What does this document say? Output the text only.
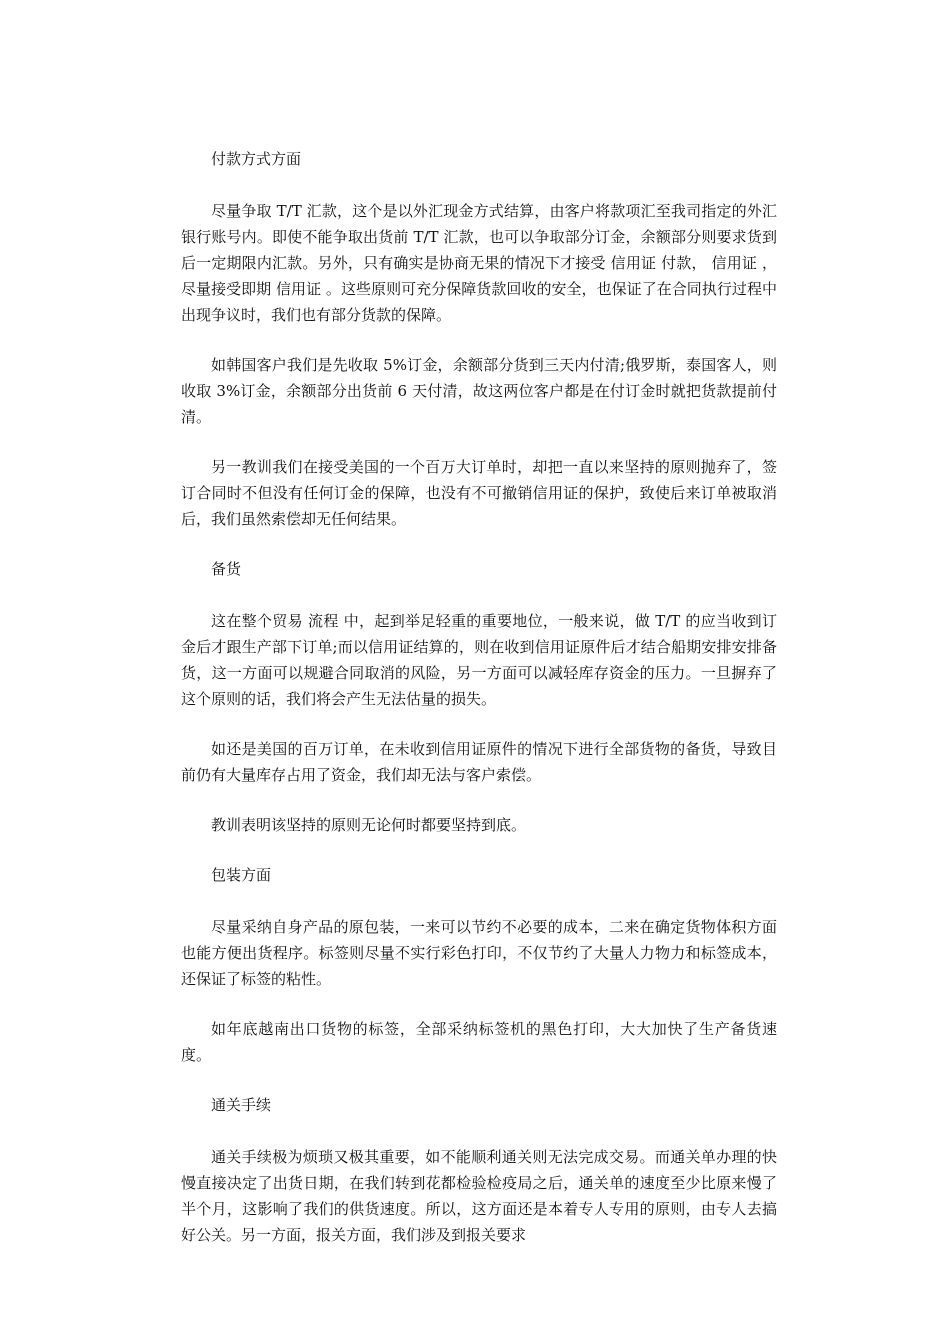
付款方式方面

尽量争取 T/T 汇款，这个是以外汇现金方式结算，由客户将款项汇至我司指定的外汇银行账号内。即使不能争取出货前 T/T 汇款，也可以争取部分订金，余额部分则要求货到后一定期限内汇款。另外，只有确实是协商无果的情况下才接受 信用证 付款， 信用证 ，尽量接受即期 信用证 。这些原则可充分保障货款回收的安全，也保证了在合同执行过程中出现争议时，我们也有部分货款的保障。

如韩国客户我们是先收取 5%订金，余额部分货到三天内付清;俄罗斯，泰国客人，则收取 3%订金，余额部分出货前 6 天付清，故这两位客户都是在付订金时就把货款提前付清。

另一教训我们在接受美国的一个百万大订单时，却把一直以来坚持的原则抛弃了，签订合同时不但没有任何订金的保障，也没有不可撤销信用证的保护，致使后来订单被取消后，我们虽然索偿却无任何结果。

备货

这在整个贸易 流程 中，起到举足轻重的重要地位，一般来说，做 T/T 的应当收到订金后才跟生产部下订单;而以信用证结算的，则在收到信用证原件后才结合船期安排安排备货，这一方面可以规避合同取消的风险，另一方面可以减轻库存资金的压力。一旦摒弃了这个原则的话，我们将会产生无法估量的损失。

如还是美国的百万订单，在未收到信用证原件的情况下进行全部货物的备货，导致目前仍有大量库存占用了资金，我们却无法与客户索偿。

教训表明该坚持的原则无论何时都要坚持到底。

包装方面

尽量采纳自身产品的原包装，一来可以节约不必要的成本，二来在确定货物体积方面也能方便出货程序。标签则尽量不实行彩色打印，不仅节约了大量人力物力和标签成本，还保证了标签的粘性。

如年底越南出口货物的标签，全部采纳标签机的黑色打印，大大加快了生产备货速度。

通关手续

通关手续极为烦琐又极其重要，如不能顺利通关则无法完成交易。而通关单办理的快慢直接决定了出货日期，在我们转到花都检验检疫局之后，通关单的速度至少比原来慢了半个月，这影响了我们的供货速度。所以，这方面还是本着专人专用的原则，由专人去搞好公关。另一方面，报关方面，我们涉及到报关要求
